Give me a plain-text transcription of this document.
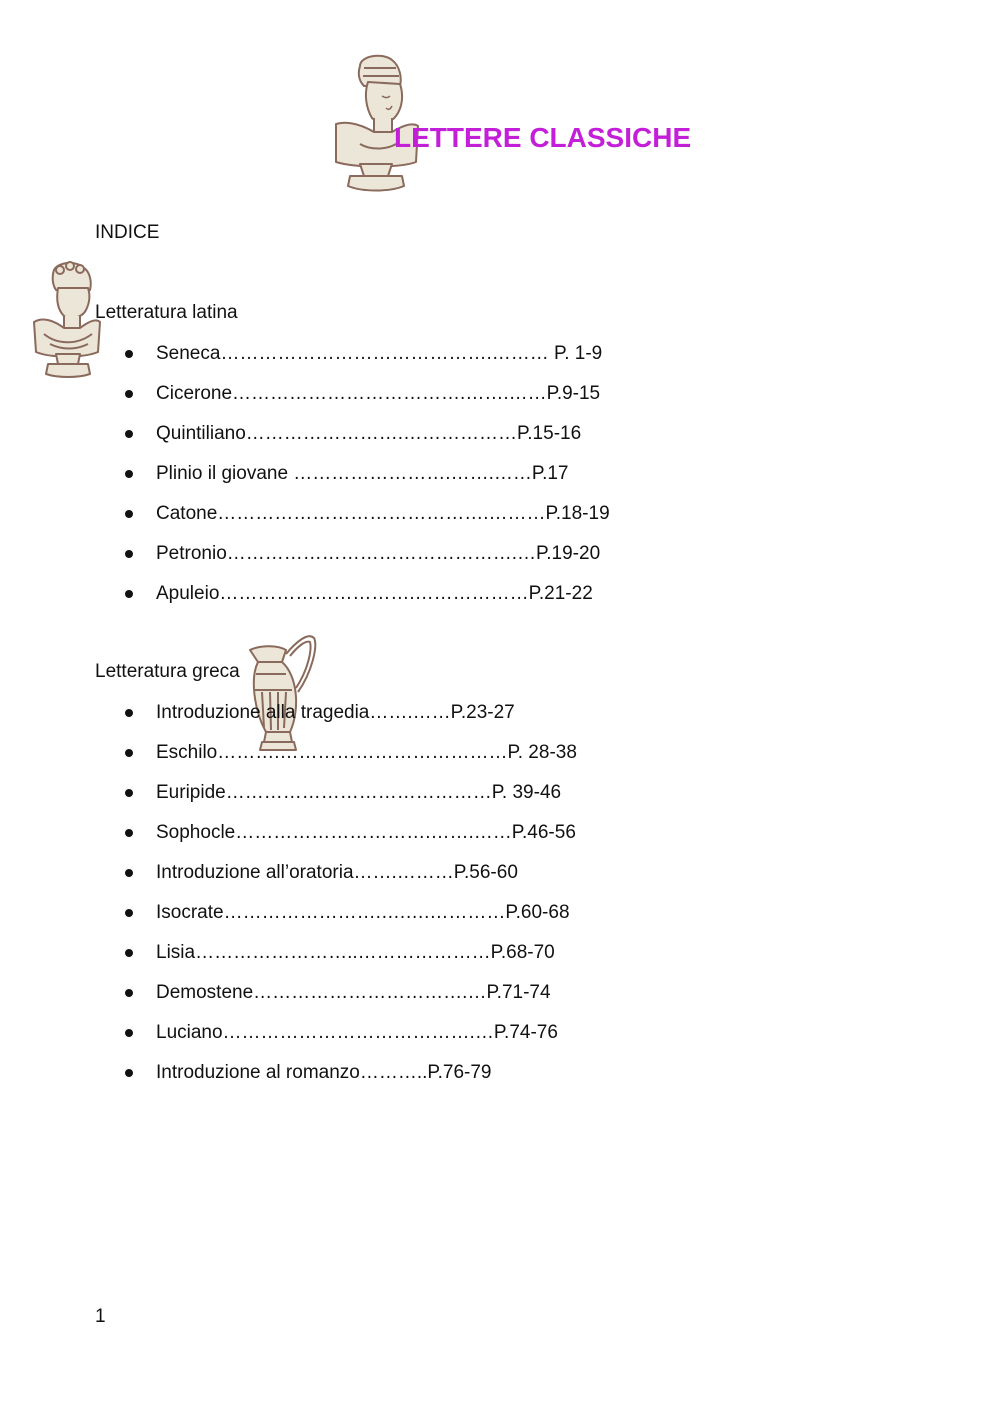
LETTERE CLASSICHE
INDICE
Letteratura latina
Seneca…………………………………….……… P. 1-9
Cicerone……………………………….…….……P.9-15
Quintiliano…………………….………………P.15-16
Plinio il giovane …………………….…….……P.17
Catone…………………………………….………P.18-19
Petronio……………………………………….…P.19-20
Apuleio………………………….………………P.21-22
Letteratura greca
Introduzione alla tragedia…….……P.23-27
Eschilo……….………………………………P. 28-38
Euripide……………………………………P. 39-46
Sophocle………………………….…….……P.46-56
Introduzione all’oratoria…….………P.56-60
Isocrate…………………….….….…………P.60-68
Lisia……………………..…………………P.68-70
Demostene…………………………….…P.71-74
Luciano………………………………….…P.74-76
Introduzione al romanzo………..P.76-79
1
